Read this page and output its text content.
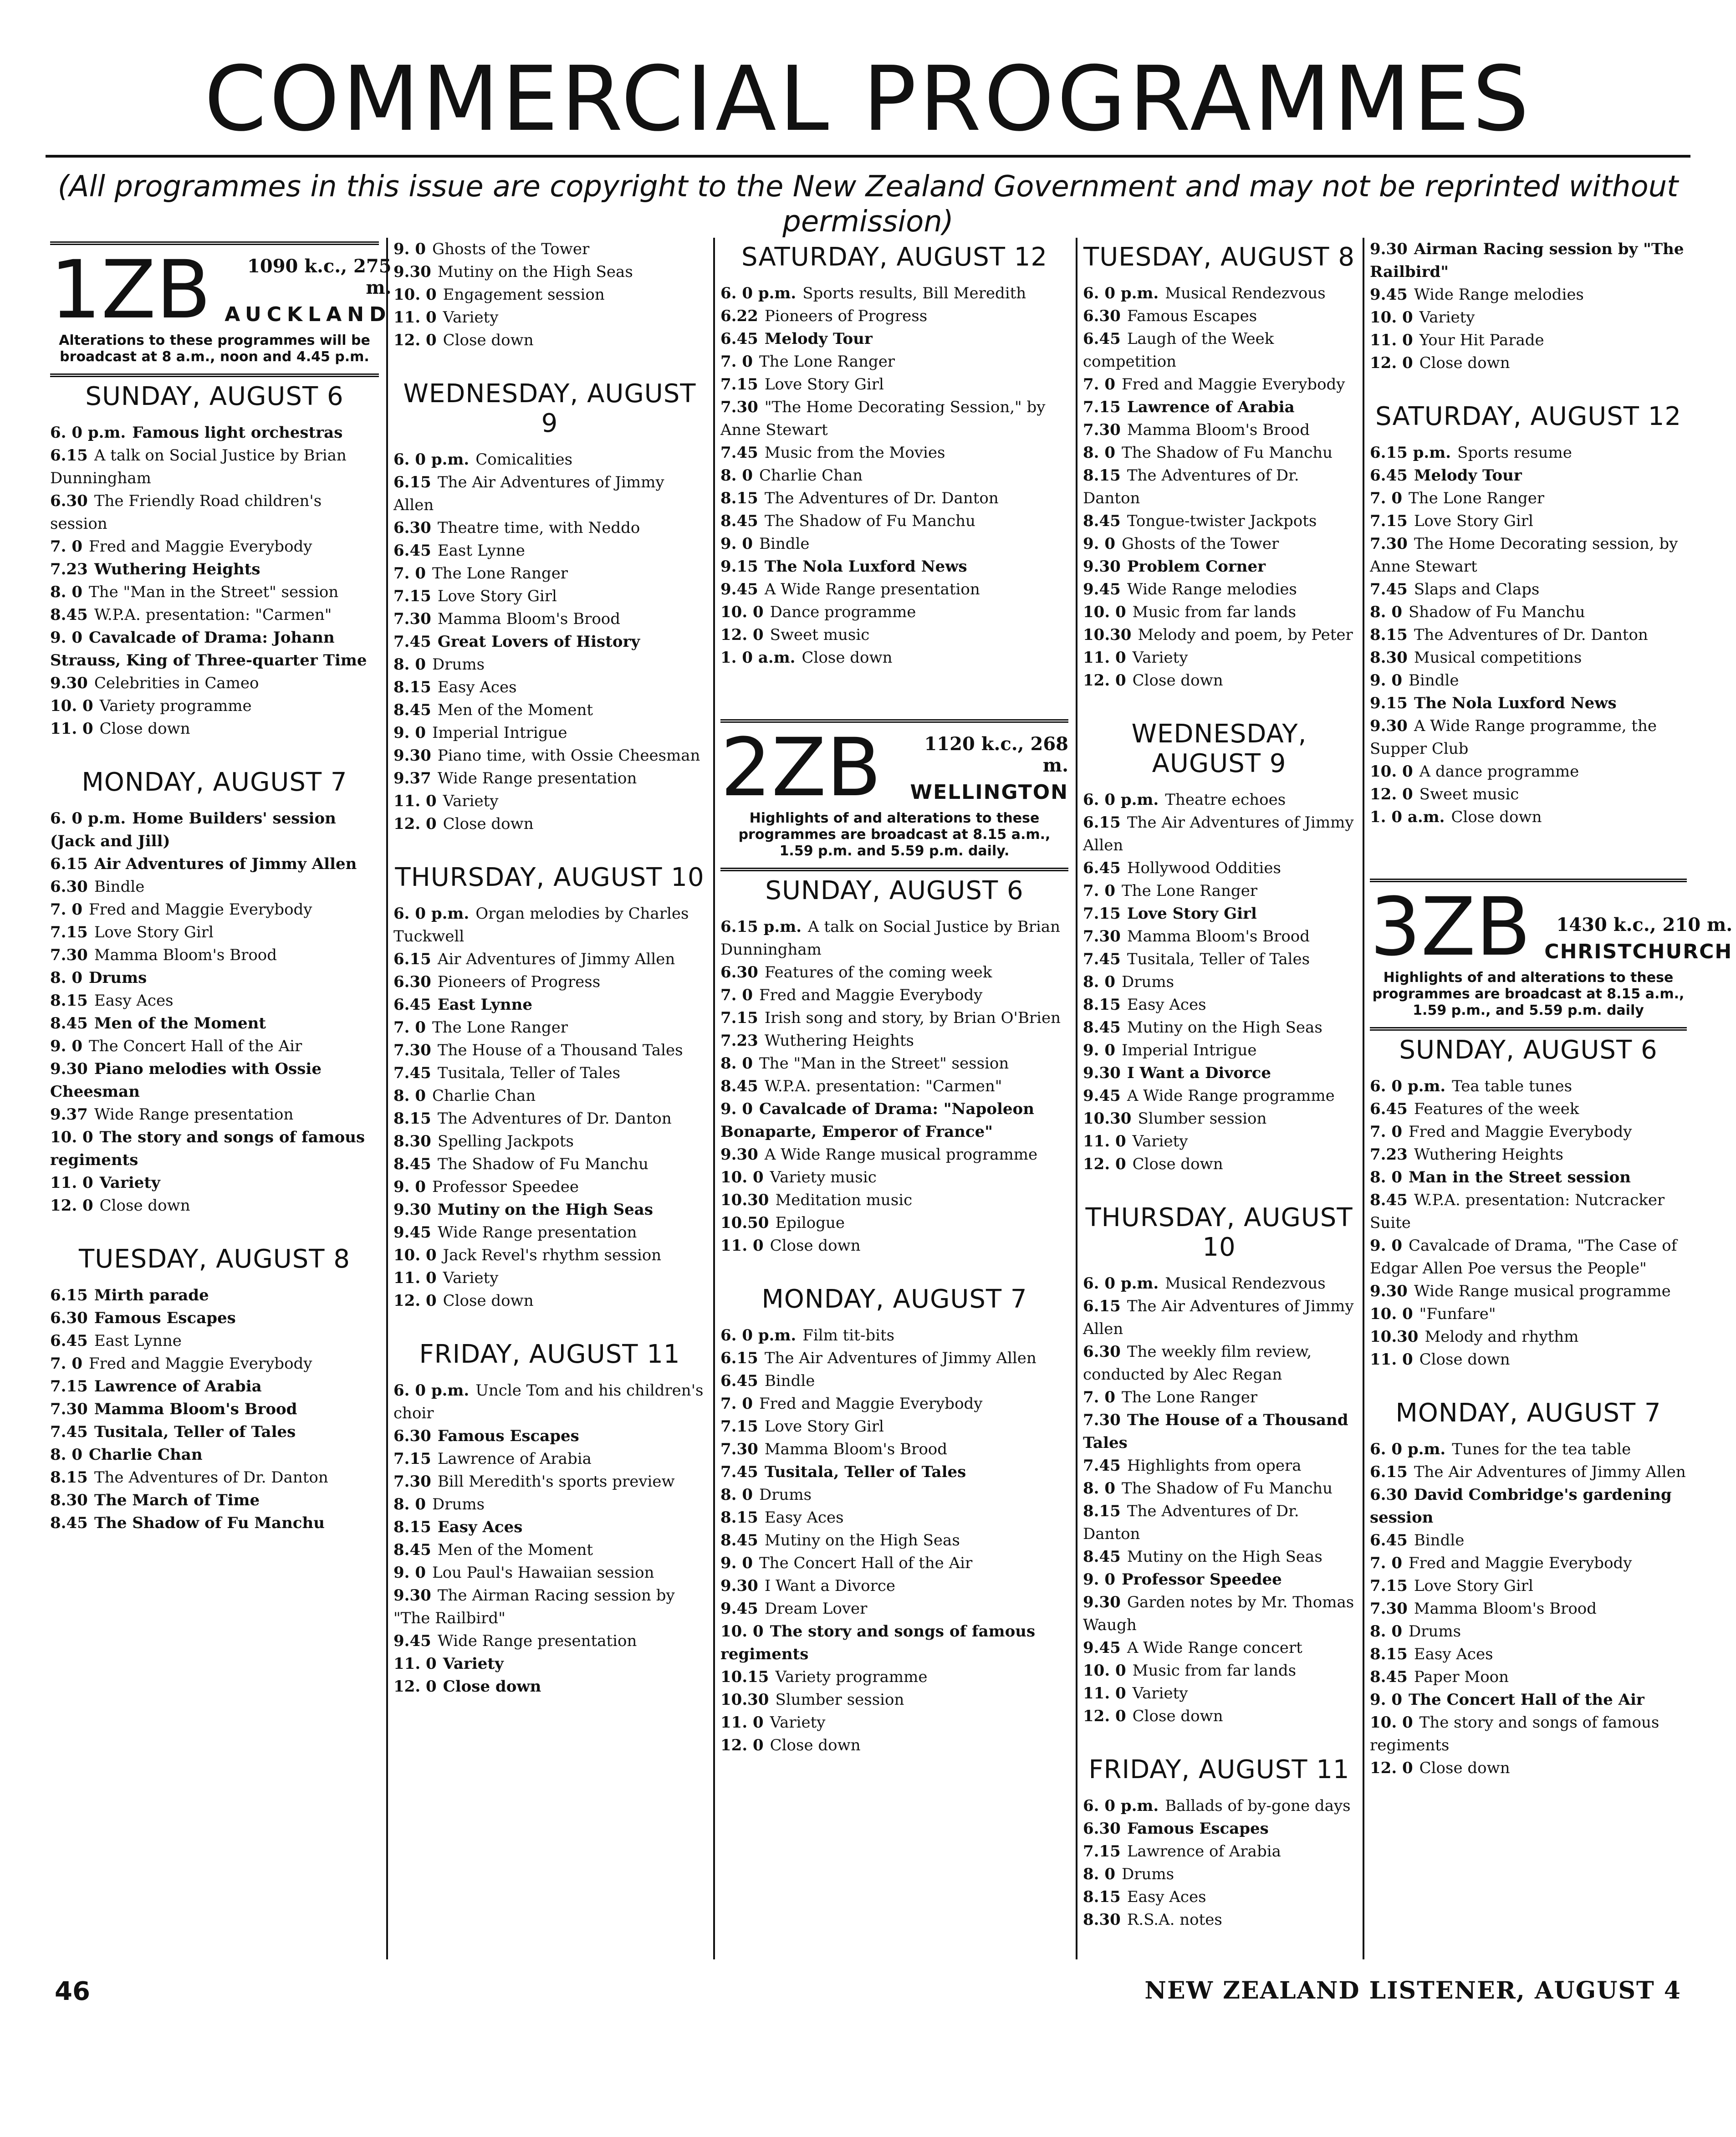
COMMERCIAL PROGRAMMES
(All programmes in this issue are copyright to the New Zealand Government and may not be reprinted without permission)
1ZB	1090 k.c., 275 m.
AUCKLAND
Alterations to these programmes will be broadcast at 8 a.m., noon and 4.45 p.m.
SUNDAY, AUGUST 6
6. 0 p.m. Famous light orchestras
6.15 A talk on Social Justice by Brian Dunningham
6.30 The Friendly Road children's session
7. 0 Fred and Maggie Everybody
7.23 Wuthering Heights
8. 0 The "Man in the Street" session
8.45 W.P.A. presentation: "Carmen"
9. 0 Cavalcade of Drama: Johann Strauss, King of Three-quarter Time
9.30 Celebrities in Cameo
10. 0 Variety programme
11. 0 Close down
MONDAY, AUGUST 7
6. 0 p.m. Home Builders' session (Jack and Jill)
6.15 Air Adventures of Jimmy Allen
6.30 Bindle
7. 0 Fred and Maggie Everybody
7.15 Love Story Girl
7.30 Mamma Bloom's Brood
8. 0 Drums
8.15 Easy Aces
8.45 Men of the Moment
9. 0 The Concert Hall of the Air
9.30 Piano melodies with Ossie Cheesman
9.37 Wide Range presentation
10. 0 The story and songs of famous regiments
11. 0 Variety
12. 0 Close down
TUESDAY, AUGUST 8
6.15 Mirth parade
6.30 Famous Escapes
6.45 East Lynne
7. 0 Fred and Maggie Everybody
7.15 Lawrence of Arabia
7.30 Mamma Bloom's Brood
7.45 Tusitala, Teller of Tales
8. 0 Charlie Chan
8.15 The Adventures of Dr. Danton
8.30 The March of Time
8.45 The Shadow of Fu Manchu
9. 0 Ghosts of the Tower
9.30 Mutiny on the High Seas
10. 0 Engagement session
11. 0 Variety
12. 0 Close down
WEDNESDAY, AUGUST 9
6. 0 p.m. Comicalities
6.15 The Air Adventures of Jimmy Allen
6.30 Theatre time, with Neddo
6.45 East Lynne
7. 0 The Lone Ranger
7.15 Love Story Girl
7.30 Mamma Bloom's Brood
7.45 Great Lovers of History
8. 0 Drums
8.15 Easy Aces
8.45 Men of the Moment
9. 0 Imperial Intrigue
9.30 Piano time, with Ossie Cheesman
9.37 Wide Range presentation
11. 0 Variety
12. 0 Close down
THURSDAY, AUGUST 10
6. 0 p.m. Organ melodies by Charles Tuckwell
6.15 Air Adventures of Jimmy Allen
6.30 Pioneers of Progress
6.45 East Lynne
7. 0 The Lone Ranger
7.30 The House of a Thousand Tales
7.45 Tusitala, Teller of Tales
8. 0 Charlie Chan
8.15 The Adventures of Dr. Danton
8.30 Spelling Jackpots
8.45 The Shadow of Fu Manchu
9. 0 Professor Speedee
9.30 Mutiny on the High Seas
9.45 Wide Range presentation
10. 0 Jack Revel's rhythm session
11. 0 Variety
12. 0 Close down
FRIDAY, AUGUST 11
6. 0 p.m. Uncle Tom and his children's choir
6.30 Famous Escapes
7.15 Lawrence of Arabia
7.30 Bill Meredith's sports preview
8. 0 Drums
8.15 Easy Aces
8.45 Men of the Moment
9. 0 Lou Paul's Hawaiian session
9.30 The Airman Racing session by "The Railbird"
9.45 Wide Range presentation
11. 0 Variety
12. 0 Close down
SATURDAY, AUGUST 12
6. 0 p.m. Sports results, Bill Meredith
6.22 Pioneers of Progress
6.45 Melody Tour
7. 0 The Lone Ranger
7.15 Love Story Girl
7.30 "The Home Decorating Session," by Anne Stewart
7.45 Music from the Movies
8. 0 Charlie Chan
8.15 The Adventures of Dr. Danton
8.45 The Shadow of Fu Manchu
9. 0 Bindle
9.15 The Nola Luxford News
9.45 A Wide Range presentation
10. 0 Dance programme
12. 0 Sweet music
1. 0 a.m. Close down
2ZB	1120 k.c., 268 m.
WELLINGTON
Highlights of and alterations to these programmes are broadcast at 8.15 a.m., 1.59 p.m. and 5.59 p.m. daily.
SUNDAY, AUGUST 6
6.15 p.m. A talk on Social Justice by Brian Dunningham
6.30 Features of the coming week
7. 0 Fred and Maggie Everybody
7.15 Irish song and story, by Brian O'Brien
7.23 Wuthering Heights
8. 0 The "Man in the Street" session
8.45 W.P.A. presentation: "Carmen"
9. 0 Cavalcade of Drama: "Napoleon Bonaparte, Emperor of France"
9.30 A Wide Range musical programme
10. 0 Variety music
10.30 Meditation music
10.50 Epilogue
11. 0 Close down
MONDAY, AUGUST 7
6. 0 p.m. Film tit-bits
6.15 The Air Adventures of Jimmy Allen
6.45 Bindle
7. 0 Fred and Maggie Everybody
7.15 Love Story Girl
7.30 Mamma Bloom's Brood
7.45 Tusitala, Teller of Tales
8. 0 Drums
8.15 Easy Aces
8.45 Mutiny on the High Seas
9. 0 The Concert Hall of the Air
9.30 I Want a Divorce
9.45 Dream Lover
10. 0 The story and songs of famous regiments
10.15 Variety programme
10.30 Slumber session
11. 0 Variety
12. 0 Close down
TUESDAY, AUGUST 8
6. 0 p.m. Musical Rendezvous
6.30 Famous Escapes
6.45 Laugh of the Week competition
7. 0 Fred and Maggie Everybody
7.15 Lawrence of Arabia
7.30 Mamma Bloom's Brood
8. 0 The Shadow of Fu Manchu
8.15 The Adventures of Dr. Danton
8.45 Tongue-twister Jackpots
9. 0 Ghosts of the Tower
9.30 Problem Corner
9.45 Wide Range melodies
10. 0 Music from far lands
10.30 Melody and poem, by Peter
11. 0 Variety
12. 0 Close down
WEDNESDAY, AUGUST 9
6. 0 p.m. Theatre echoes
6.15 The Air Adventures of Jimmy Allen
6.45 Hollywood Oddities
7. 0 The Lone Ranger
7.15 Love Story Girl
7.30 Mamma Bloom's Brood
7.45 Tusitala, Teller of Tales
8. 0 Drums
8.15 Easy Aces
8.45 Mutiny on the High Seas
9. 0 Imperial Intrigue
9.30 I Want a Divorce
9.45 A Wide Range programme
10.30 Slumber session
11. 0 Variety
12. 0 Close down
THURSDAY, AUGUST 10
6. 0 p.m. Musical Rendezvous
6.15 The Air Adventures of Jimmy Allen
6.30 The weekly film review, conducted by Alec Regan
7. 0 The Lone Ranger
7.30 The House of a Thousand Tales
7.45 Highlights from opera
8. 0 The Shadow of Fu Manchu
8.15 The Adventures of Dr. Danton
8.45 Mutiny on the High Seas
9. 0 Professor Speedee
9.30 Garden notes by Mr. Thomas Waugh
9.45 A Wide Range concert
10. 0 Music from far lands
11. 0 Variety
12. 0 Close down
FRIDAY, AUGUST 11
6. 0 p.m. Ballads of by-gone days
6.30 Famous Escapes
7.15 Lawrence of Arabia
8. 0 Drums
8.15 Easy Aces
8.30 R.S.A. notes
9.30 Airman Racing session by "The Railbird"
9.45 Wide Range melodies
10. 0 Variety
11. 0 Your Hit Parade
12. 0 Close down
SATURDAY, AUGUST 12
6.15 p.m. Sports resume
6.45 Melody Tour
7. 0 The Lone Ranger
7.15 Love Story Girl
7.30 The Home Decorating session, by Anne Stewart
7.45 Slaps and Claps
8. 0 Shadow of Fu Manchu
8.15 The Adventures of Dr. Danton
8.30 Musical competitions
9. 0 Bindle
9.15 The Nola Luxford News
9.30 A Wide Range programme, the Supper Club
10. 0 A dance programme
12. 0 Sweet music
1. 0 a.m. Close down
3ZB	1430 k.c., 210 m.
CHRISTCHURCH
Highlights of and alterations to these programmes are broadcast at 8.15 a.m., 1.59 p.m., and 5.59 p.m. daily
SUNDAY, AUGUST 6
6. 0 p.m. Tea table tunes
6.45 Features of the week
7. 0 Fred and Maggie Everybody
7.23 Wuthering Heights
8. 0 Man in the Street session
8.45 W.P.A. presentation: Nutcracker Suite
9. 0 Cavalcade of Drama, "The Case of Edgar Allen Poe versus the People"
9.30 Wide Range musical programme
10. 0 "Funfare"
10.30 Melody and rhythm
11. 0 Close down
MONDAY, AUGUST 7
6. 0 p.m. Tunes for the tea table
6.15 The Air Adventures of Jimmy Allen
6.30 David Combridge's gardening session
6.45 Bindle
7. 0 Fred and Maggie Everybody
7.15 Love Story Girl
7.30 Mamma Bloom's Brood
8. 0 Drums
8.15 Easy Aces
8.45 Paper Moon
9. 0 The Concert Hall of the Air
10. 0 The story and songs of famous regiments
12. 0 Close down
46	NEW ZEALAND LISTENER, AUGUST 4
